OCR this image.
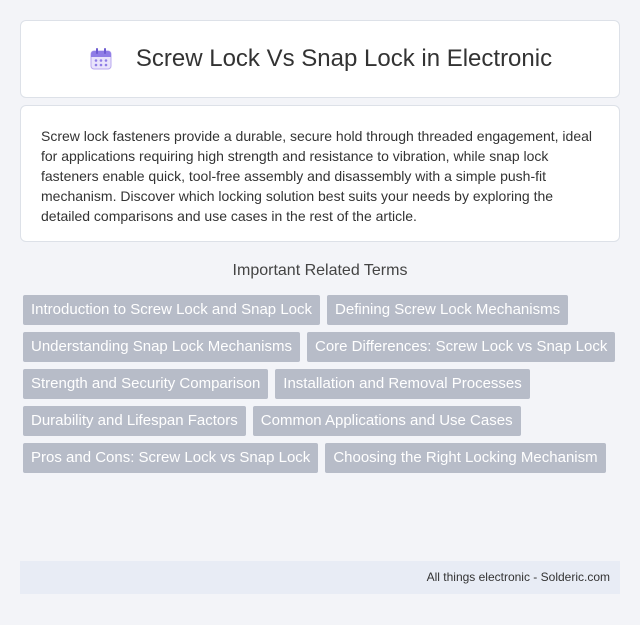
Screw Lock Vs Snap Lock in Electronic

Screw lock fasteners provide a durable, secure hold through threaded engagement, ideal for applications requiring high strength and resistance to vibration, while snap lock fasteners enable quick, tool-free assembly and disassembly with a simple push-fit mechanism. Discover which locking solution best suits your needs by exploring the detailed comparisons and use cases in the rest of the article.

Important Related Terms
Introduction to Screw Lock and Snap Lock	Defining Screw Lock Mechanisms
Understanding Snap Lock Mechanisms	Core Differences: Screw Lock vs Snap Lock
Strength and Security Comparison	Installation and Removal Processes
Durability and Lifespan Factors	Common Applications and Use Cases
Pros and Cons: Screw Lock vs Snap Lock	Choosing the Right Locking Mechanism
All things electronic - Solderic.com
